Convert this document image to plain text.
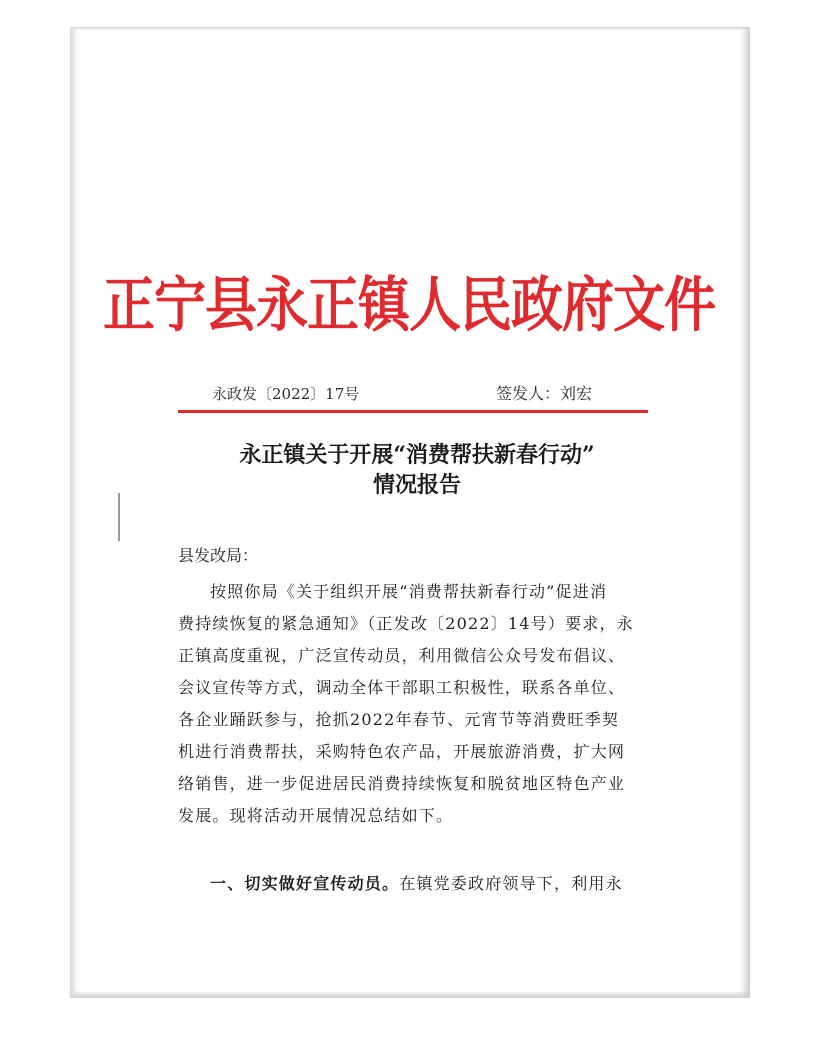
正宁县永正镇人民政府文件
永政发〔2022〕17号	签发人：刘宏
永正镇关于开展“消费帮扶新春行动”
情况报告
县发改局：
按照你局《关于组织开展“消费帮扶新春行动”促进消
费持续恢复的紧急通知》（正发改〔2022〕14号）要求，永
正镇高度重视，广泛宣传动员，利用微信公众号发布倡议、
会议宣传等方式，调动全体干部职工积极性，联系各单位、
各企业踊跃参与，抢抓2022年春节、元宵节等消费旺季契
机进行消费帮扶，采购特色农产品，开展旅游消费，扩大网
络销售，进一步促进居民消费持续恢复和脱贫地区特色产业
发展。现将活动开展情况总结如下。
一、切实做好宣传动员。在镇党委政府领导下，利用永
